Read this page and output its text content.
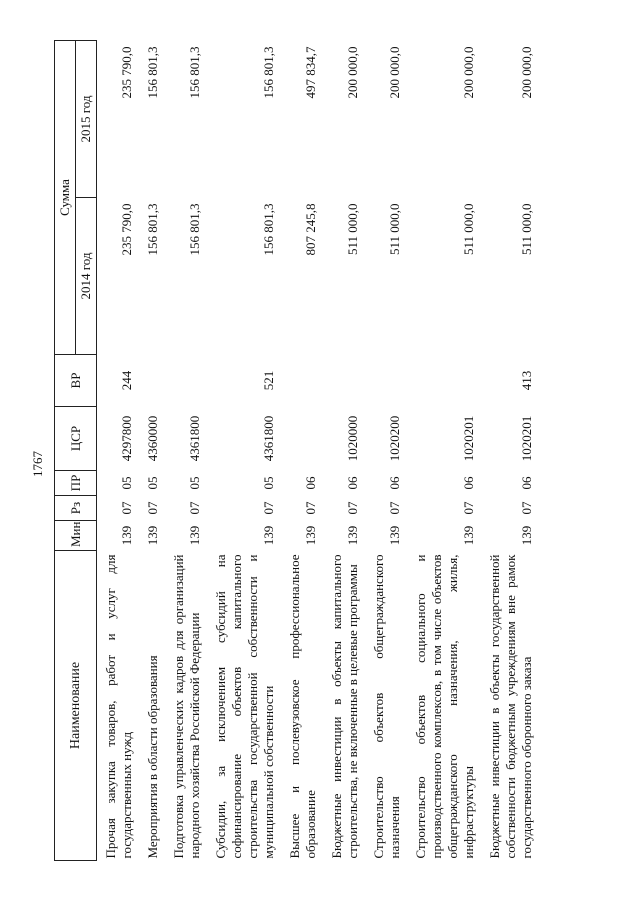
1767
Наименование	Мин	Рз	ПР	ЦСР	ВР	Сумма	
						2014 год	2015 год
Прочая закупка товаров, работ и услуг для государственных нужд	139	07	05	4297800	244	235 790,0	235 790,0
Мероприятия в области образования	139	07	05	4360000		156 801,3	156 801,3
Подготовка управленческих кадров для организаций народного хозяйства Российской Федерации	139	07	05	4361800		156 801,3	156 801,3
Субсидии, за исключением субсидий на софинансирование объектов капитального строительства государственной собственности и муниципальной собственности	139	07	05	4361800	521	156 801,3	156 801,3
Высшее и послевузовское профессиональное образование	139	07	06			807 245,8	497 834,7
Бюджетные инвестиции в объекты капитального строительства, не включенные в целевые программы	139	07	06	1020000		511 000,0	200 000,0
Строительство объектов общегражданского назначения	139	07	06	1020200		511 000,0	200 000,0
Строительство объектов социального и производственного комплексов, в том числе объектов общегражданского назначения, жилья, инфраструктуры	139	07	06	1020201		511 000,0	200 000,0
Бюджетные инвестиции в объекты государственной собственности бюджетным учреждениям вне рамок государственного оборонного заказа	139	07	06	1020201	413	511 000,0	200 000,0
